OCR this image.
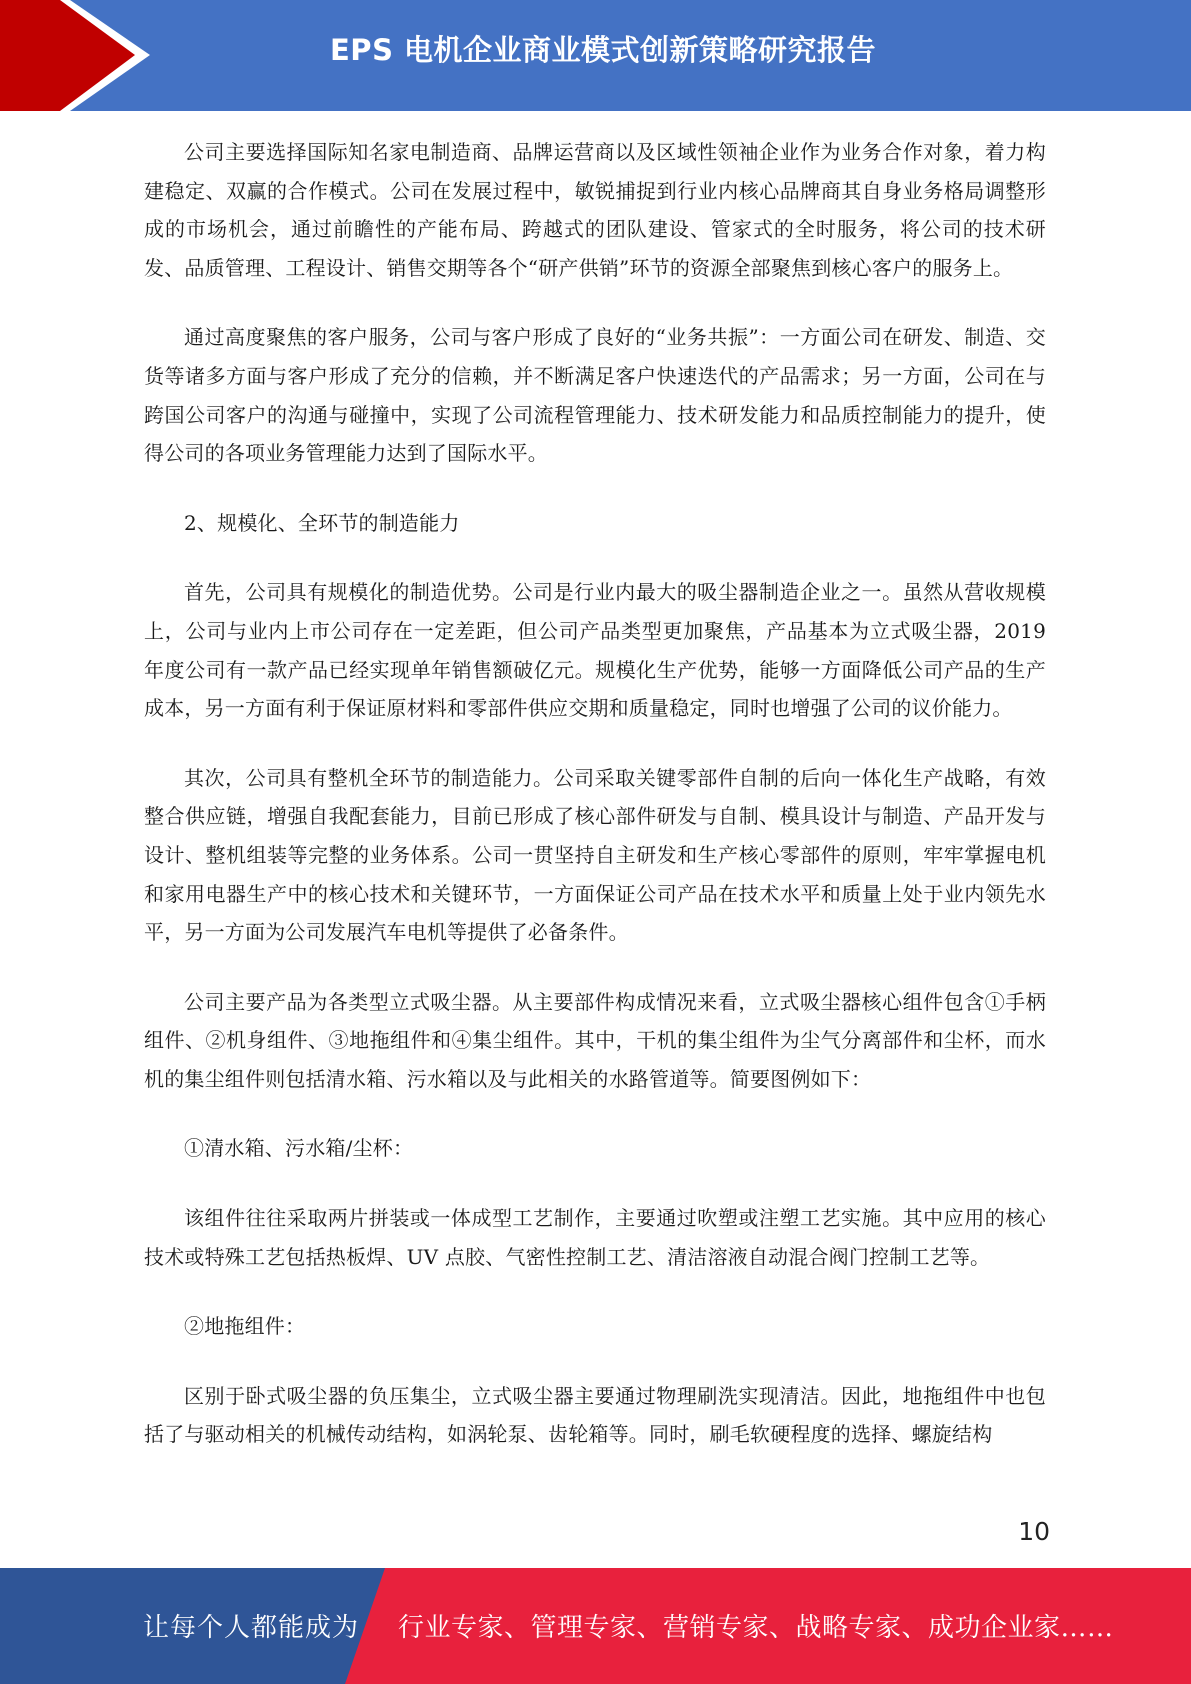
EPS 电机企业商业模式创新策略研究报告

公司主要选择国际知名家电制造商、品牌运营商以及区域性领袖企业作为业务合作对象，着力构建稳定、双赢的合作模式。公司在发展过程中，敏锐捕捉到行业内核心品牌商其自身业务格局调整形成的市场机会，通过前瞻性的产能布局、跨越式的团队建设、管家式的全时服务，将公司的技术研发、品质管理、工程设计、销售交期等各个“研产供销”环节的资源全部聚焦到核心客户的服务上。

通过高度聚焦的客户服务，公司与客户形成了良好的“业务共振”：一方面公司在研发、制造、交货等诸多方面与客户形成了充分的信赖，并不断满足客户快速迭代的产品需求；另一方面，公司在与跨国公司客户的沟通与碰撞中，实现了公司流程管理能力、技术研发能力和品质控制能力的提升，使得公司的各项业务管理能力达到了国际水平。

2、规模化、全环节的制造能力

首先，公司具有规模化的制造优势。公司是行业内最大的吸尘器制造企业之一。虽然从营收规模上，公司与业内上市公司存在一定差距，但公司产品类型更加聚焦，产品基本为立式吸尘器，2019 年度公司有一款产品已经实现单年销售额破亿元。规模化生产优势，能够一方面降低公司产品的生产成本，另一方面有利于保证原材料和零部件供应交期和质量稳定，同时也增强了公司的议价能力。

其次，公司具有整机全环节的制造能力。公司采取关键零部件自制的后向一体化生产战略，有效整合供应链，增强自我配套能力，目前已形成了核心部件研发与自制、模具设计与制造、产品开发与设计、整机组装等完整的业务体系。公司一贯坚持自主研发和生产核心零部件的原则，牢牢掌握电机和家用电器生产中的核心技术和关键环节，一方面保证公司产品在技术水平和质量上处于业内领先水平，另一方面为公司发展汽车电机等提供了必备条件。

公司主要产品为各类型立式吸尘器。从主要部件构成情况来看，立式吸尘器核心组件包含①手柄组件、②机身组件、③地拖组件和④集尘组件。其中，干机的集尘组件为尘气分离部件和尘杯，而水机的集尘组件则包括清水箱、污水箱以及与此相关的水路管道等。简要图例如下：

①清水箱、污水箱/尘杯：

该组件往往采取两片拼装或一体成型工艺制作，主要通过吹塑或注塑工艺实施。其中应用的核心技术或特殊工艺包括热板焊、UV 点胶、气密性控制工艺、清洁溶液自动混合阀门控制工艺等。

②地拖组件：

区别于卧式吸尘器的负压集尘，立式吸尘器主要通过物理刷洗实现清洁。因此，地拖组件中也包括了与驱动相关的机械传动结构，如涡轮泵、齿轮箱等。同时，刷毛软硬程度的选择、螺旋结构

10
让每个人都能成为 行业专家、管理专家、营销专家、战略专家、成功企业家……
